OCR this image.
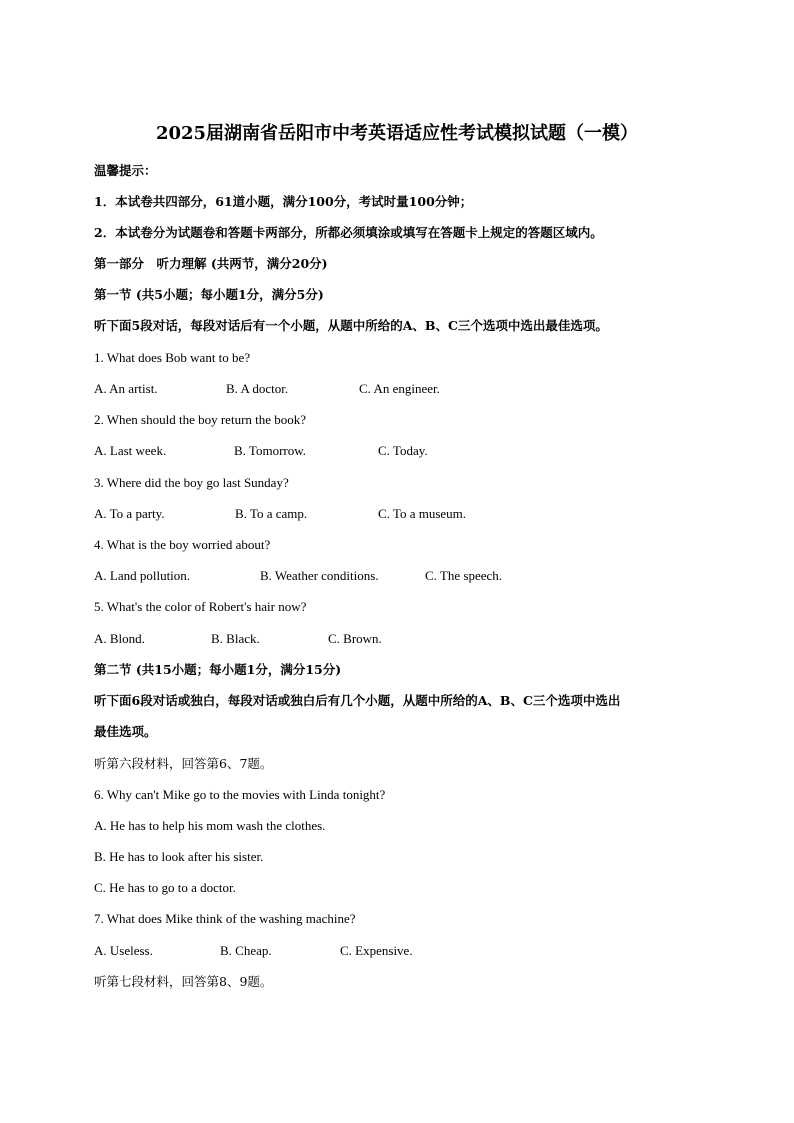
2025届湖南省岳阳市中考英语适应性考试模拟试题（一模）
温馨提示：
1．本试卷共四部分，61道小题，满分100分，考试时量100分钟；
2．本试卷分为试题卷和答题卡两部分，所都必须填涂或填写在答题卡上规定的答题区域内。
第一部分　听力理解 (共两节，满分20分)
第一节 (共5小题；每小题1分，满分5分)
听下面5段对话，每段对话后有一个小题，从题中所给的A、B、C三个选项中选出最佳选项。
1. What does Bob want to be?
A. An artist.	B. A doctor.	C. An engineer.
2. When should the boy return the book?
A. Last week.	B. Tomorrow.	C. Today.
3. Where did the boy go last Sunday?
A. To a party.	B. To a camp.	C. To a museum.
4. What is the boy worried about?
A. Land pollution.	B. Weather conditions.	C. The speech.
5. What's the color of Robert's hair now?
A. Blond.	B. Black.	C. Brown.
第二节 (共15小题；每小题1分，满分15分)
听下面6段对话或独白，每段对话或独白后有几个小题，从题中所给的A、B、C三个选项中选出
最佳选项。
听第六段材料，回答第6、7题。
6. Why can't Mike go to the movies with Linda tonight?
A. He has to help his mom wash the clothes.
B. He has to look after his sister.
C. He has to go to a doctor.
7. What does Mike think of the washing machine?
A. Useless.	B. Cheap.	C. Expensive.
听第七段材料，回答第8、9题。
